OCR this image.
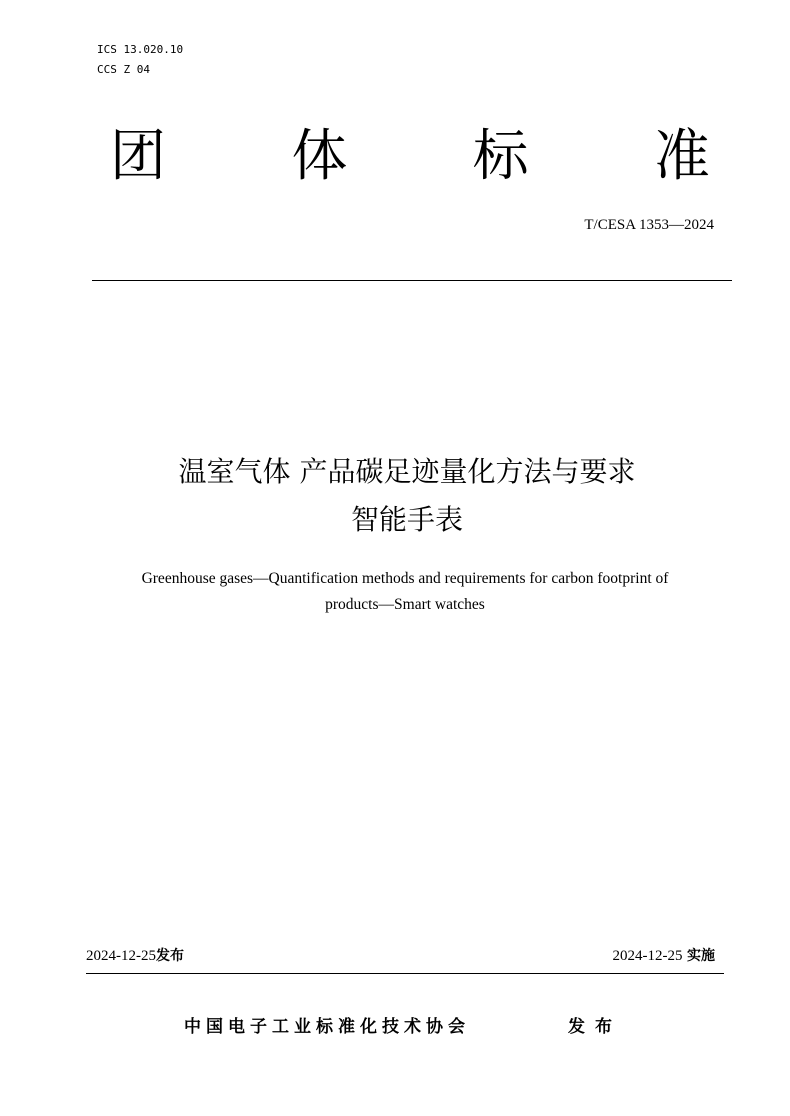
ICS 13.020.10
CCS Z 04
团 体 标 准
T/CESA 1353—2024
温室气体 产品碳足迹量化方法与要求
智能手表
Greenhouse gases—Quantification methods and requirements for carbon footprint of
products—Smart watches
2024-12-25发布	2024-12-25 实施
中国电子工业标准化技术协会	发布
